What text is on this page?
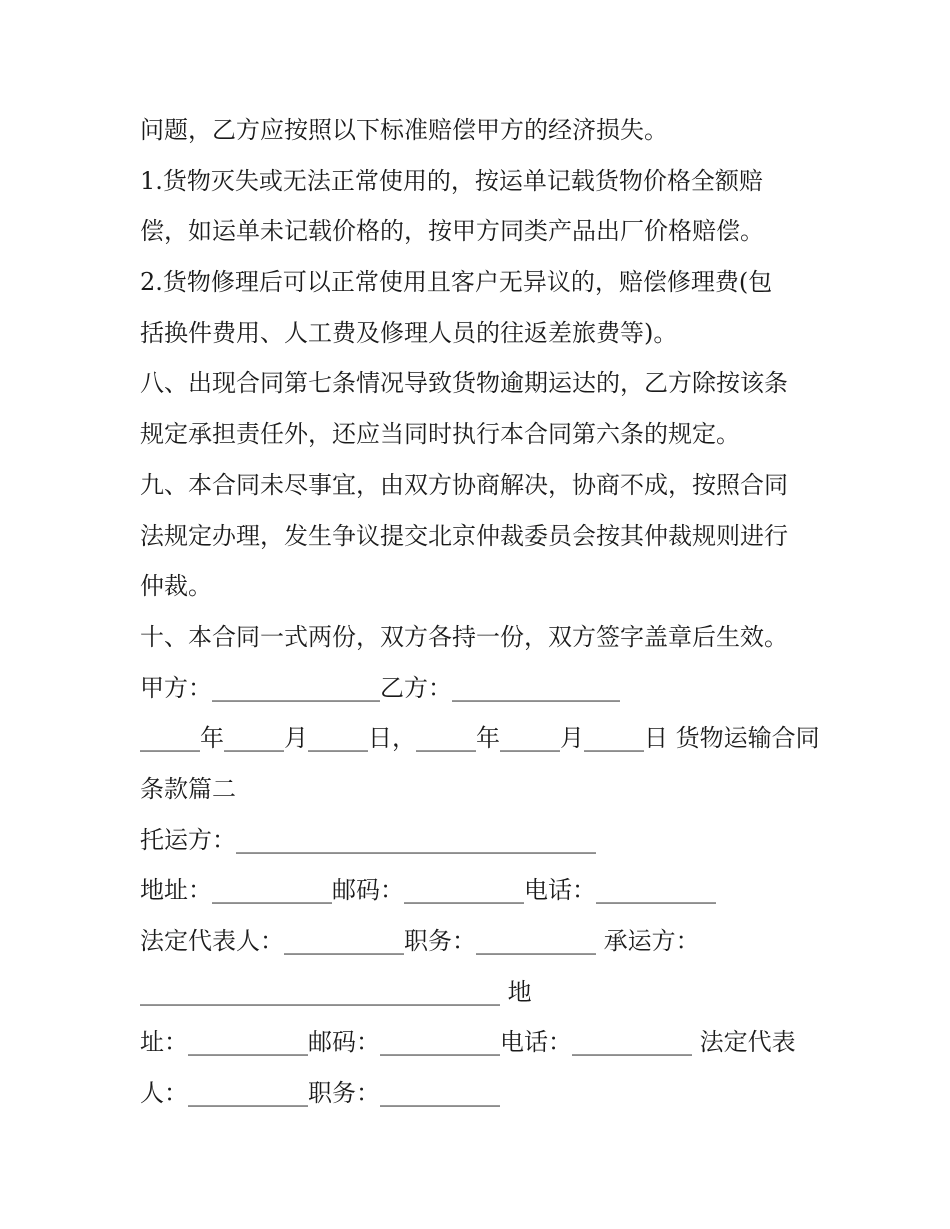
问题，乙方应按照以下标准赔偿甲方的经济损失。
1.货物灭失或无法正常使用的，按运单记载货物价格全额赔
偿，如运单未记载价格的，按甲方同类产品出厂价格赔偿。
2.货物修理后可以正常使用且客户无异议的，赔偿修理费(包
括换件费用、人工费及修理人员的往返差旅费等)。
八、出现合同第七条情况导致货物逾期运达的，乙方除按该条
规定承担责任外，还应当同时执行本合同第六条的规定。
九、本合同未尽事宜，由双方协商解决，协商不成，按照合同
法规定办理，发生争议提交北京仲裁委员会按其仲裁规则进行
仲裁。
十、本合同一式两份，双方各持一份，双方签字盖章后生效。
甲方：______________乙方：______________
_____年_____月_____日，_____年_____月_____日 货物运输合同
条款篇二
托运方：______________________________
地址：__________邮码：__________电话：__________
法定代表人：__________职务：__________ 承运方：
______________________________ 地
址：__________邮码：__________电话：__________ 法定代表
人：__________职务：__________
